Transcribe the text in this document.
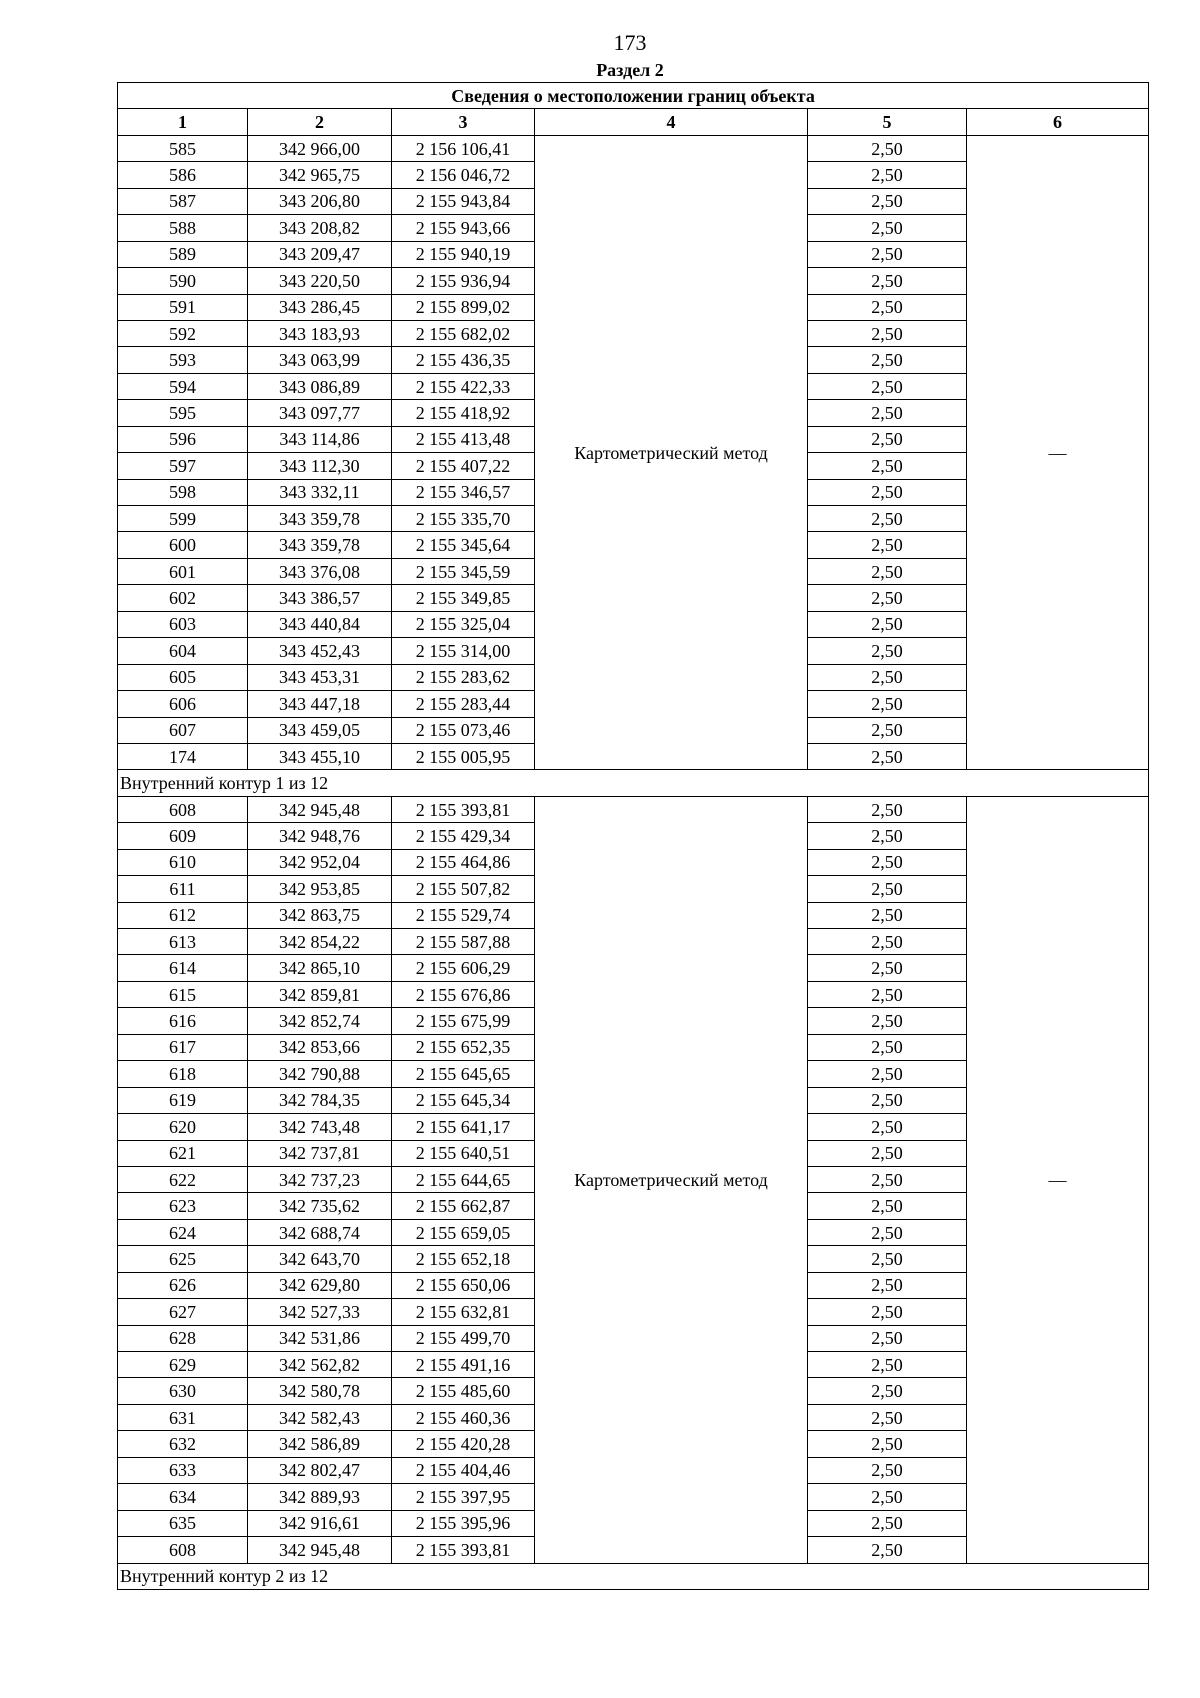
173
Раздел 2
Сведения о местоположении границ объекта					
1	2	3	4	5	6
585	342 966,00	2 156 106,41	Картометрический метод	2,50	—
586	342 965,75	2 156 046,72		2,50	
587	343 206,80	2 155 943,84		2,50	
588	343 208,82	2 155 943,66		2,50	
589	343 209,47	2 155 940,19		2,50	
590	343 220,50	2 155 936,94		2,50	
591	343 286,45	2 155 899,02		2,50	
592	343 183,93	2 155 682,02		2,50	
593	343 063,99	2 155 436,35		2,50	
594	343 086,89	2 155 422,33		2,50	
595	343 097,77	2 155 418,92		2,50	
596	343 114,86	2 155 413,48		2,50	
597	343 112,30	2 155 407,22		2,50	
598	343 332,11	2 155 346,57		2,50	
599	343 359,78	2 155 335,70		2,50	
600	343 359,78	2 155 345,64		2,50	
601	343 376,08	2 155 345,59		2,50	
602	343 386,57	2 155 349,85		2,50	
603	343 440,84	2 155 325,04		2,50	
604	343 452,43	2 155 314,00		2,50	
605	343 453,31	2 155 283,62		2,50	
606	343 447,18	2 155 283,44		2,50	
607	343 459,05	2 155 073,46		2,50	
174	343 455,10	2 155 005,95		2,50	
Внутренний контур 1 из 12					
608	342 945,48	2 155 393,81	Картометрический метод	2,50	—
609	342 948,76	2 155 429,34		2,50	
610	342 952,04	2 155 464,86		2,50	
611	342 953,85	2 155 507,82		2,50	
612	342 863,75	2 155 529,74		2,50	
613	342 854,22	2 155 587,88		2,50	
614	342 865,10	2 155 606,29		2,50	
615	342 859,81	2 155 676,86		2,50	
616	342 852,74	2 155 675,99		2,50	
617	342 853,66	2 155 652,35		2,50	
618	342 790,88	2 155 645,65		2,50	
619	342 784,35	2 155 645,34		2,50	
620	342 743,48	2 155 641,17		2,50	
621	342 737,81	2 155 640,51		2,50	
622	342 737,23	2 155 644,65		2,50	
623	342 735,62	2 155 662,87		2,50	
624	342 688,74	2 155 659,05		2,50	
625	342 643,70	2 155 652,18		2,50	
626	342 629,80	2 155 650,06		2,50	
627	342 527,33	2 155 632,81		2,50	
628	342 531,86	2 155 499,70		2,50	
629	342 562,82	2 155 491,16		2,50	
630	342 580,78	2 155 485,60		2,50	
631	342 582,43	2 155 460,36		2,50	
632	342 586,89	2 155 420,28		2,50	
633	342 802,47	2 155 404,46		2,50	
634	342 889,93	2 155 397,95		2,50	
635	342 916,61	2 155 395,96		2,50	
608	342 945,48	2 155 393,81		2,50	
Внутренний контур 2 из 12					
